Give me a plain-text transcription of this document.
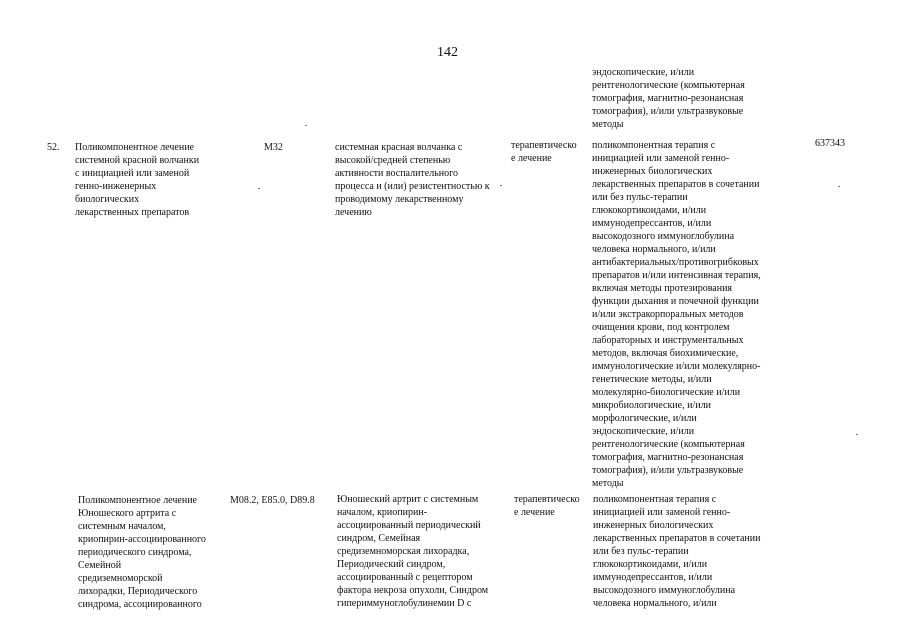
142
эндоскопические, и/или
рентгенологические (компьютерная
томография, магнитно-резонансная
томография), и/или ультразвуковые
методы
52. Поликомпонентное лечение
системной красной волчанки
с инициацией или заменой
генно-инженерных
биологических
лекарственных препаратов
М32	системная красная волчанка с
высокой/средней степенью
активности воспалительного
процесса и (или) резистентностью к
проводимому лекарственному
лечению
терапевтическо
е лечение
поликомпонентная терапия с
инициацией или заменой генно-
инженерных биологических
лекарственных препаратов в сочетании
или без пульс-терапии
глюкокортикоидами, и/или
иммунодепрессантов, и/или
высокодозного иммуноглобулина
человека нормального, и/или
антибактериальных/противогрибковых
препаратов и/или интенсивная терапия,
включая методы протезирования
функции дыхания и почечной функции
и/или экстракорпоральных методов
очищения крови, под контролем
лабораторных и инструментальных
методов, включая биохимические,
иммунологические и/или молекулярно-
генетические методы, и/или
молекулярно-биологические и/или
микробиологические, и/или
морфологические, и/или
эндоскопические, и/или
рентгенологические (компьютерная
томография, магнитно-резонансная
томография), и/или ультразвуковые
методы
637343
Поликомпонентное лечение
Юношеского артрита с
системным началом,
криопирин-ассоциированного
периодического синдрома,
Семейной
средиземноморской
лихорадки, Периодического
синдрома, ассоциированного
M08.2, E85.0, D89.8 Юношеский артрит с системным
началом, криопирин-
ассоциированный периодический
синдром, Семейная
средиземноморская лихорадка,
Периодический синдром,
ассоциированный с рецептором
фактора некроза опухоли, Синдром
гипериммуноглобулинемии D с
терапевтическо
е лечение
поликомпонентная терапия с
инициацией или заменой генно-
инженерных биологических
лекарственных препаратов в сочетании
или без пульс-терапии
глюкокортикоидами, и/или
иммунодепрессантов, и/или
высокодозного иммуноглобулина
человека нормального, и/или
